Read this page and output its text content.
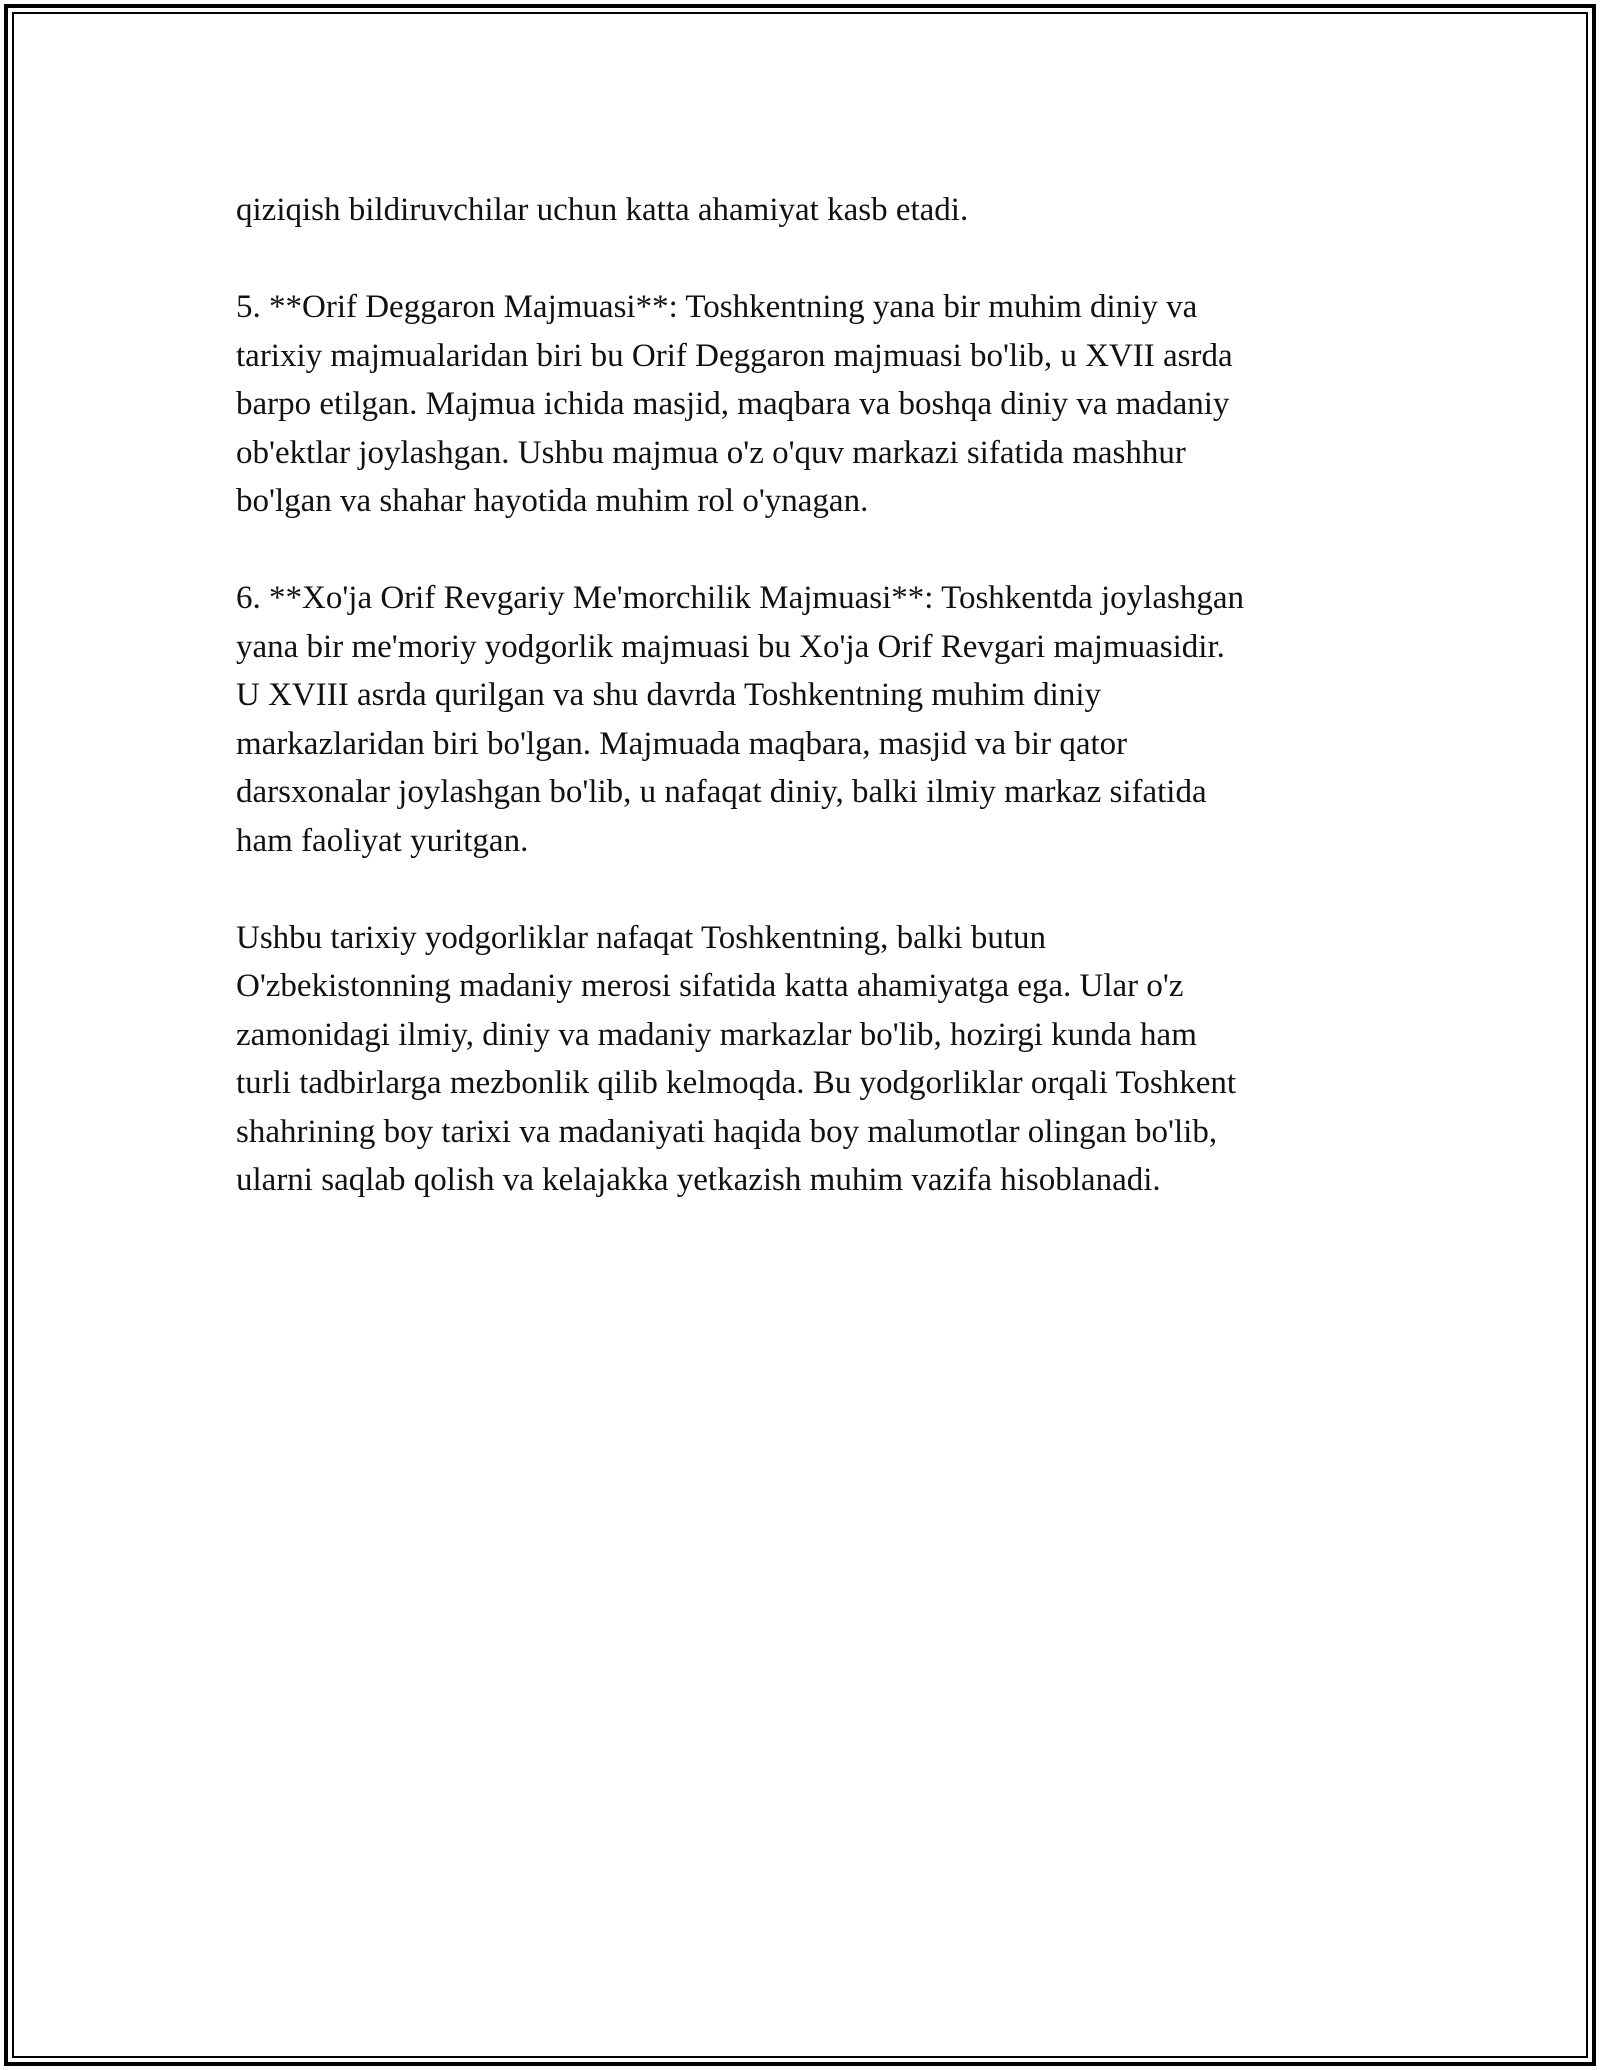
qiziqish bildiruvchilar uchun katta ahamiyat kasb etadi.

5. **Orif Deggaron Majmuasi**: Toshkentning yana bir muhim diniy va
tarixiy majmualaridan biri bu Orif Deggaron majmuasi bo'lib, u XVII asrda
barpo etilgan. Majmua ichida masjid, maqbara va boshqa diniy va madaniy
ob'ektlar joylashgan. Ushbu majmua o'z o'quv markazi sifatida mashhur
bo'lgan va shahar hayotida muhim rol o'ynagan.

6. **Xo'ja Orif Revgariy Me'morchilik Majmuasi**: Toshkentda joylashgan
yana bir me'moriy yodgorlik majmuasi bu Xo'ja Orif Revgari majmuasidir.
U XVIII asrda qurilgan va shu davrda Toshkentning muhim diniy
markazlaridan biri bo'lgan. Majmuada maqbara, masjid va bir qator
darsxonalar joylashgan bo'lib, u nafaqat diniy, balki ilmiy markaz sifatida
ham faoliyat yuritgan.

Ushbu tarixiy yodgorliklar nafaqat Toshkentning, balki butun
O'zbekistonning madaniy merosi sifatida katta ahamiyatga ega. Ular o'z
zamonidagi ilmiy, diniy va madaniy markazlar bo'lib, hozirgi kunda ham
turli tadbirlarga mezbonlik qilib kelmoqda. Bu yodgorliklar orqali Toshkent
shahrining boy tarixi va madaniyati haqida boy malumotlar olingan bo'lib,
ularni saqlab qolish va kelajakka yetkazish muhim vazifa hisoblanadi.
